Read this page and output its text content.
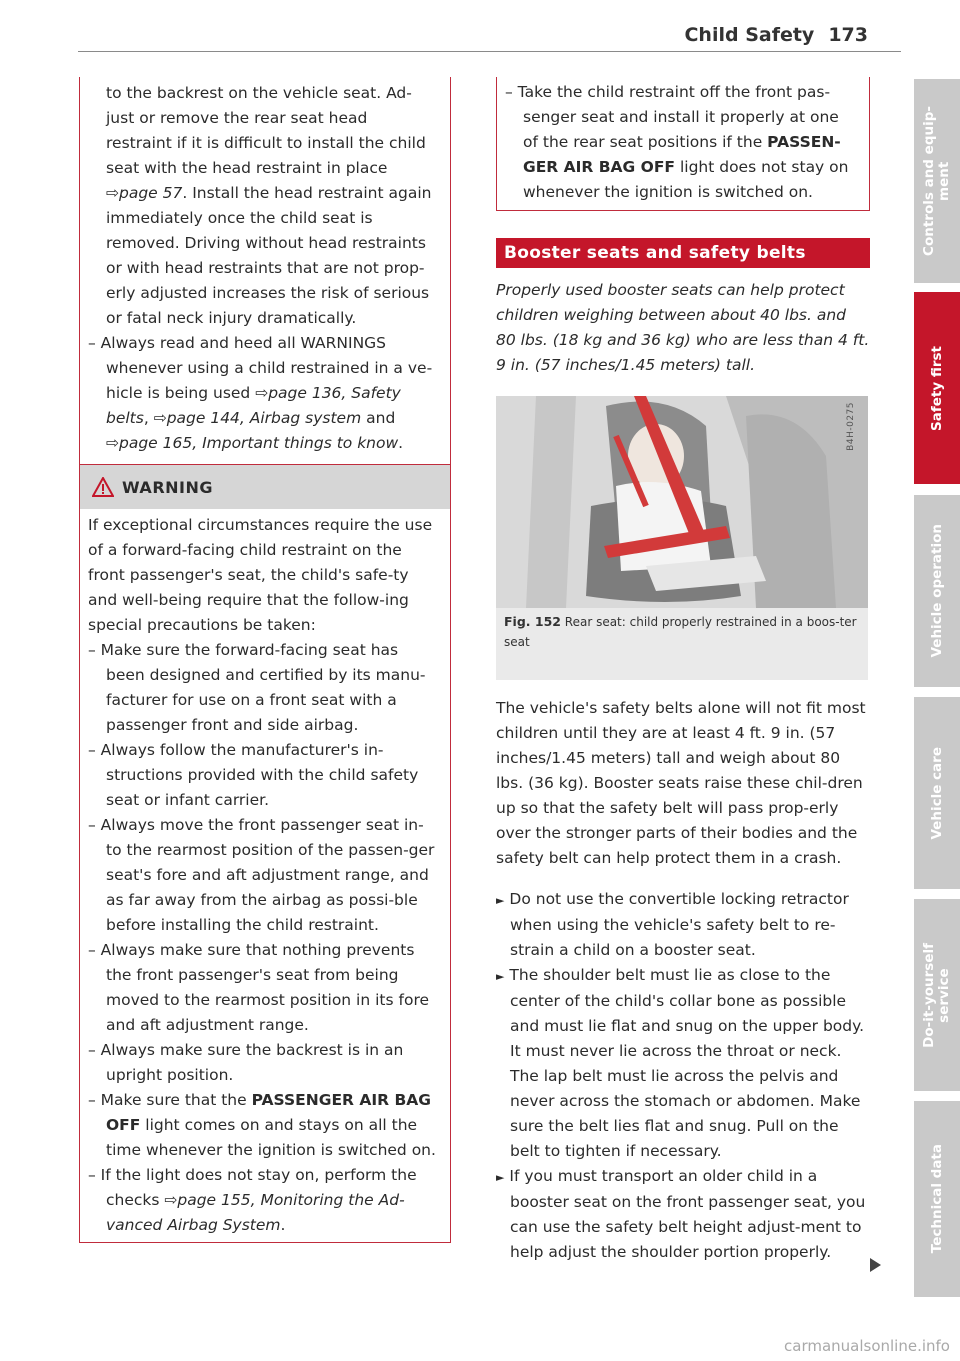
Child Safety 173
to the backrest on the vehicle seat. Ad-just or remove the rear seat head restraint if it is difficult to install the child seat with the head restraint in place ⇨page 57. Install the head restraint again immediately once the child seat is removed. Driving without head restraints or with head restraints that are not prop-erly adjusted increases the risk of serious or fatal neck injury dramatically.
– Always read and heed all WARNINGS whenever using a child restrained in a ve-hicle is being used ⇨page 136, Safety belts, ⇨page 144, Airbag system and ⇨page 165, Important things to know.
WARNING
If exceptional circumstances require the use of a forward-facing child restraint on the front passenger's seat, the child's safe-ty and well-being require that the follow-ing special precautions be taken:
– Make sure the forward-facing seat has been designed and certified by its manu-facturer for use on a front seat with a passenger front and side airbag.
– Always follow the manufacturer's in-structions provided with the child safety seat or infant carrier.
– Always move the front passenger seat in-to the rearmost position of the passen-ger seat's fore and aft adjustment range, and as far away from the airbag as possi-ble before installing the child restraint.
– Always make sure that nothing prevents the front passenger's seat from being moved to the rearmost position in its fore and aft adjustment range.
– Always make sure the backrest is in an upright position.
– Make sure that the PASSENGER AIR BAG OFF light comes on and stays on all the time whenever the ignition is switched on.
– If the light does not stay on, perform the checks ⇨page 155, Monitoring the Ad-vanced Airbag System.
– Take the child restraint off the front pas-senger seat and install it properly at one of the rear seat positions if the PASSEN-GER AIR BAG OFF light does not stay on whenever the ignition is switched on.
Booster seats and safety belts
Properly used booster seats can help protect children weighing between about 40 lbs. and 80 lbs. (18 kg and 36 kg) who are less than 4 ft. 9 in. (57 inches/1.45 meters) tall.
B4H-0275
Fig. 152 Rear seat: child properly restrained in a boos-ter seat
The vehicle's safety belts alone will not fit most children until they are at least 4 ft. 9 in. (57 inches/1.45 meters) tall and weigh about 80 lbs. (36 kg). Booster seats raise these chil-dren up so that the safety belt will pass prop-erly over the stronger parts of their bodies and the safety belt can help protect them in a crash.
► Do not use the convertible locking retractor when using the vehicle's safety belt to re-strain a child on a booster seat.
► The shoulder belt must lie as close to the center of the child's collar bone as possible and must lie flat and snug on the upper body. It must never lie across the throat or neck. The lap belt must lie across the pelvis and never across the stomach or abdomen. Make sure the belt lies flat and snug. Pull on the belt to tighten if necessary.
► If you must transport an older child in a booster seat on the front passenger seat, you can use the safety belt height adjust-ment to help adjust the shoulder portion properly.
Controls and equip-
ment
Safety first
Vehicle operation
Vehicle care
Do-it-yourself
service
Technical data
carmanualsonline.info
